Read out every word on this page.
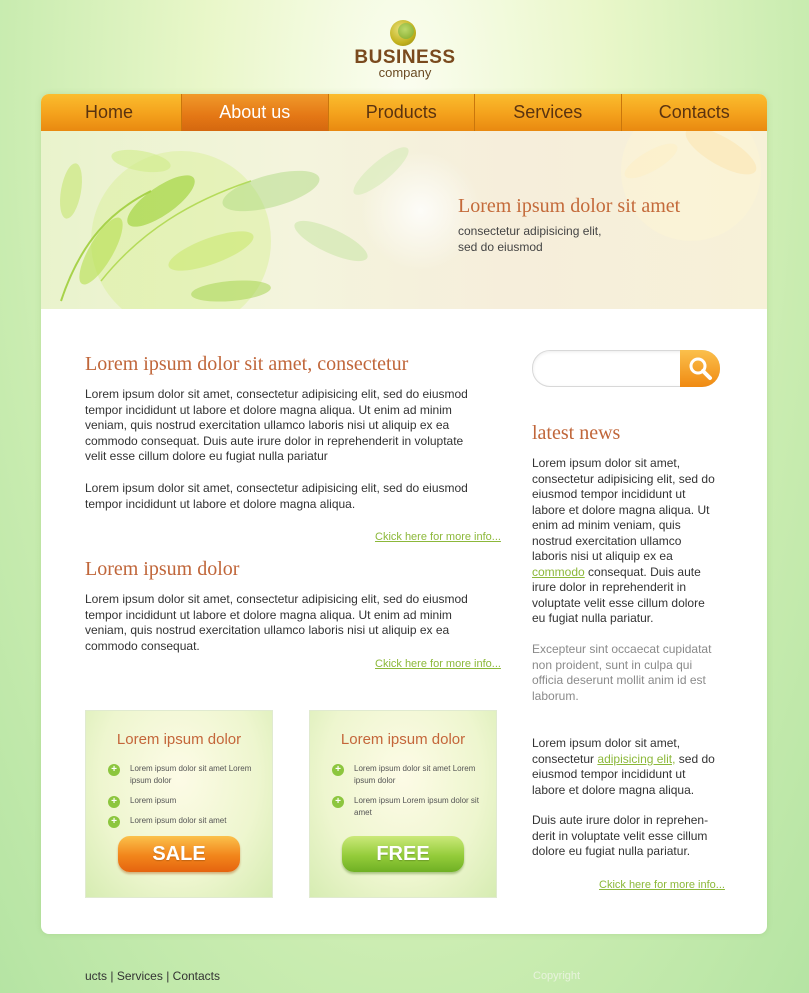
BUSINESS
company
Home	About us	Products	Services	Contacts
Lorem ipsum dolor sit amet
consectetur adipisicing elit,
sed do eiusmod
Lorem ipsum dolor sit amet, consectetur
Lorem ipsum dolor sit amet, consectetur adipisicing elit, sed do eiusmod tempor incididunt ut labore et dolore magna aliqua. Ut enim ad minim veniam, quis nostrud exercitation ullamco laboris nisi ut aliquip ex ea commodo consequat. Duis aute irure dolor in reprehenderit in voluptate velit esse cillum dolore eu fugiat nulla pariatur
Lorem ipsum dolor sit amet, consectetur adipisicing elit, sed do eiusmod tempor incididunt ut labore et dolore magna aliqua.
Ckick here for more info...
Lorem ipsum dolor
Lorem ipsum dolor sit amet, consectetur adipisicing elit, sed do eiusmod tempor incididunt ut labore et dolore magna aliqua. Ut enim ad minim veniam, quis nostrud exercitation ullamco laboris nisi ut aliquip ex ea commodo consequat.
Ckick here for more info...
Lorem ipsum dolor
+ Lorem ipsum dolor sit amet Lorem ipsum dolor
+ Lorem ipsum
+ Lorem ipsum dolor sit amet
SALE
Lorem ipsum dolor
+ Lorem ipsum dolor sit amet Lorem ipsum dolor
+ Lorem ipsum Lorem ipsum dolor sit amet
FREE
latest news
Lorem ipsum dolor sit amet, consectetur adipisicing elit, sed do eiusmod tempor incididunt ut labore et dolore magna aliqua. Ut enim ad minim veniam, quis nostrud exercitation ullamco laboris nisi ut aliquip ex ea commodo consequat. Duis aute irure dolor in reprehenderit in voluptate velit esse cillum dolore eu fugiat nulla pariatur.
Excepteur sint occaecat cupidatat non proident, sunt in culpa qui officia deserunt mollit anim id est laborum.
Lorem ipsum dolor sit amet, consectetur adipisicing elit, sed do eiusmod tempor incididunt ut labore et dolore magna aliqua.
Duis aute irure dolor in reprehen-derit in voluptate velit esse cillum dolore eu fugiat nulla pariatur.
Ckick here for more info...
ucts | Services | Contacts	Copyright
